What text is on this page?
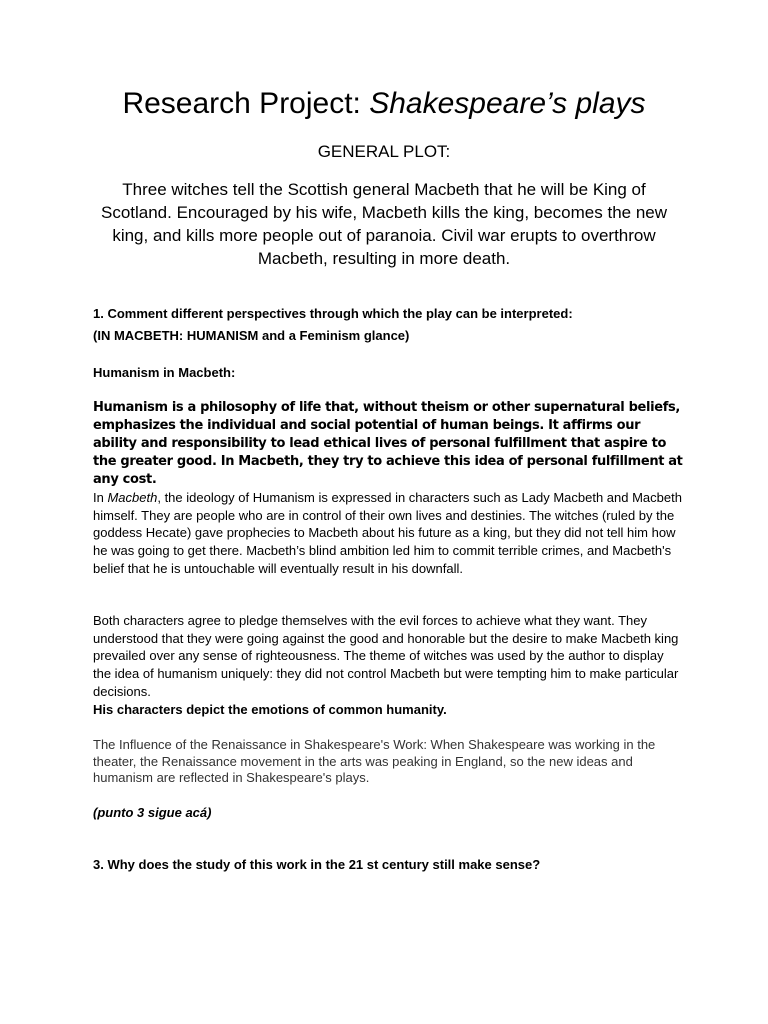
Research Project: Shakespeare’s plays

GENERAL PLOT:

Three witches tell the Scottish general Macbeth that he will be King of Scotland. Encouraged by his wife, Macbeth kills the king, becomes the new king, and kills more people out of paranoia. Civil war erupts to overthrow Macbeth, resulting in more death.

1. Comment different perspectives through which the play can be interpreted:
(IN MACBETH: HUMANISM and a Feminism glance)

Humanism in Macbeth:

Humanism is a philosophy of life that, without theism or other supernatural beliefs, emphasizes the individual and social potential of human beings. It affirms our ability and responsibility to lead ethical lives of personal fulfillment that aspire to the greater good. In Macbeth, they try to achieve this idea of personal fulfillment at any cost.

In Macbeth, the ideology of Humanism is expressed in characters such as Lady Macbeth and Macbeth himself. They are people who are in control of their own lives and destinies. The witches (ruled by the goddess Hecate) gave prophecies to Macbeth about his future as a king, but they did not tell him how he was going to get there. Macbeth’s blind ambition led him to commit terrible crimes, and Macbeth's belief that he is untouchable will eventually result in his downfall.

Both characters agree to pledge themselves with the evil forces to achieve what they want. They understood that they were going against the good and honorable but the desire to make Macbeth king prevailed over any sense of righteousness. The theme of witches was used by the author to display the idea of humanism uniquely: they did not control Macbeth but were tempting him to make particular decisions.
His characters depict the emotions of common humanity.

The Influence of the Renaissance in Shakespeare's Work: When Shakespeare was working in the theater, the Renaissance movement in the arts was peaking in England, so the new ideas and humanism are reflected in Shakespeare's plays.

(punto 3 sigue acá)

3. Why does the study of this work in the 21 st century still make sense?
